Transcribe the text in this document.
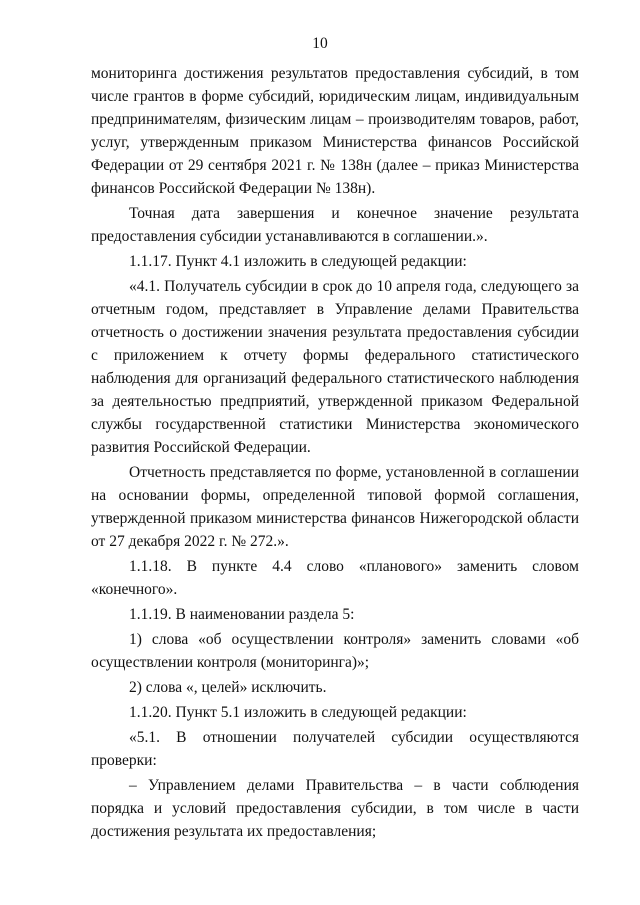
10

мониторинга достижения результатов предоставления субсидий, в том числе грантов в форме субсидий, юридическим лицам, индивидуальным предпринимателям, физическим лицам – производителям товаров, работ, услуг, утвержденным приказом Министерства финансов Российской Федерации от 29 сентября 2021 г. № 138н (далее – приказ Министерства финансов Российской Федерации № 138н).

Точная дата завершения и конечное значение результата предоставления субсидии устанавливаются в соглашении.».

1.1.17. Пункт 4.1 изложить в следующей редакции:

«4.1. Получатель субсидии в срок до 10 апреля года, следующего за отчетным годом, представляет в Управление делами Правительства отчетность о достижении значения результата предоставления субсидии с приложением к отчету формы федерального статистического наблюдения для организаций федерального статистического наблюдения за деятельностью предприятий, утвержденной приказом Федеральной службы государственной статистики Министерства экономического развития Российской Федерации.

Отчетность представляется по форме, установленной в соглашении на основании формы, определенной типовой формой соглашения, утвержденной приказом министерства финансов Нижегородской области от 27 декабря 2022 г. № 272.».

1.1.18. В пункте 4.4 слово «планового» заменить словом «конечного».

1.1.19. В наименовании раздела 5:

1) слова «об осуществлении контроля» заменить словами «об осуществлении контроля (мониторинга)»;

2) слова «, целей» исключить.

1.1.20. Пункт 5.1 изложить в следующей редакции:

«5.1. В отношении получателей субсидии осуществляются проверки:

– Управлением делами Правительства – в части соблюдения порядка и условий предоставления субсидии, в том числе в части достижения результата их предоставления;
